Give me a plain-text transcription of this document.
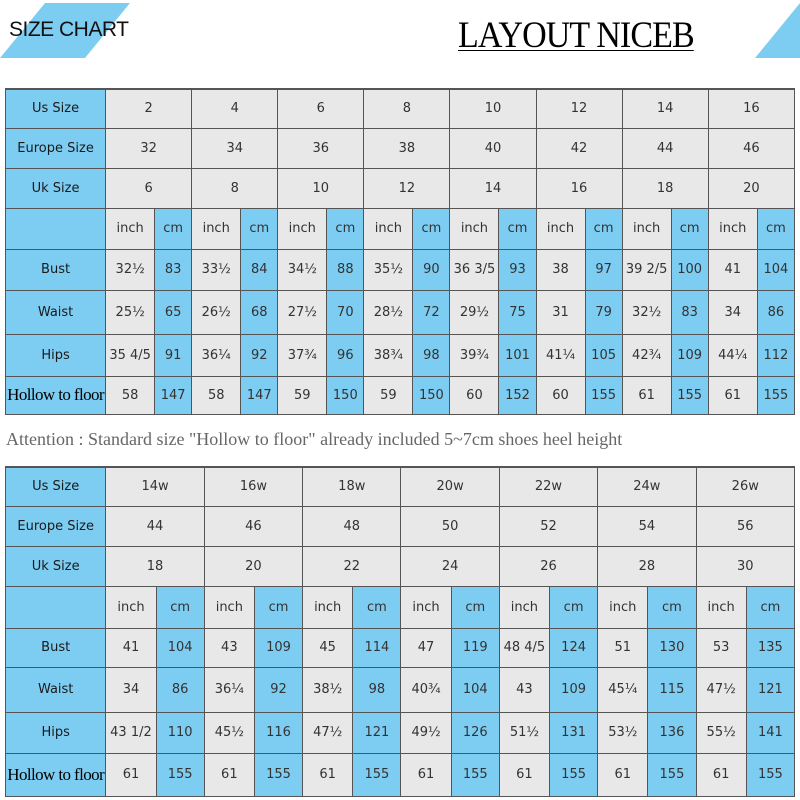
SIZE CHART	LAYOUT NICEB
Us Size	2		4		6		8		10		12		14		16	
Europe Size	32		34		36		38		40		42		44		46	
Uk Size	6		8		10		12		14		16		18		20	
	inch	cm	inch	cm	inch	cm	inch	cm	inch	cm	inch	cm	inch	cm	inch	cm
Bust	32½	83	33½	84	34½	88	35½	90	36 3/5	93	38	97	39 2/5	100	41	104
Waist	25½	65	26½	68	27½	70	28½	72	29½	75	31	79	32½	83	34	86
Hips	35 4/5	91	36¼	92	37¾	96	38¾	98	39¾	101	41¼	105	42¾	109	44¼	112
Hollow to floor	58	147	58	147	59	150	59	150	60	152	60	155	61	155	61	155
Attention : Standard size "Hollow to floor" already included 5~7cm shoes heel height
Us Size	14w		16w		18w		20w		22w		24w		26w	
Europe Size	44		46		48		50		52		54		56	
Uk Size	18		20		22		24		26		28		30	
	inch	cm	inch	cm	inch	cm	inch	cm	inch	cm	inch	cm	inch	cm
Bust	41	104	43	109	45	114	47	119	48 4/5	124	51	130	53	135
Waist	34	86	36¼	92	38½	98	40¾	104	43	109	45¼	115	47½	121
Hips	43 1/2	110	45½	116	47½	121	49½	126	51½	131	53½	136	55½	141
Hollow to floor	61	155	61	155	61	155	61	155	61	155	61	155	61	155
